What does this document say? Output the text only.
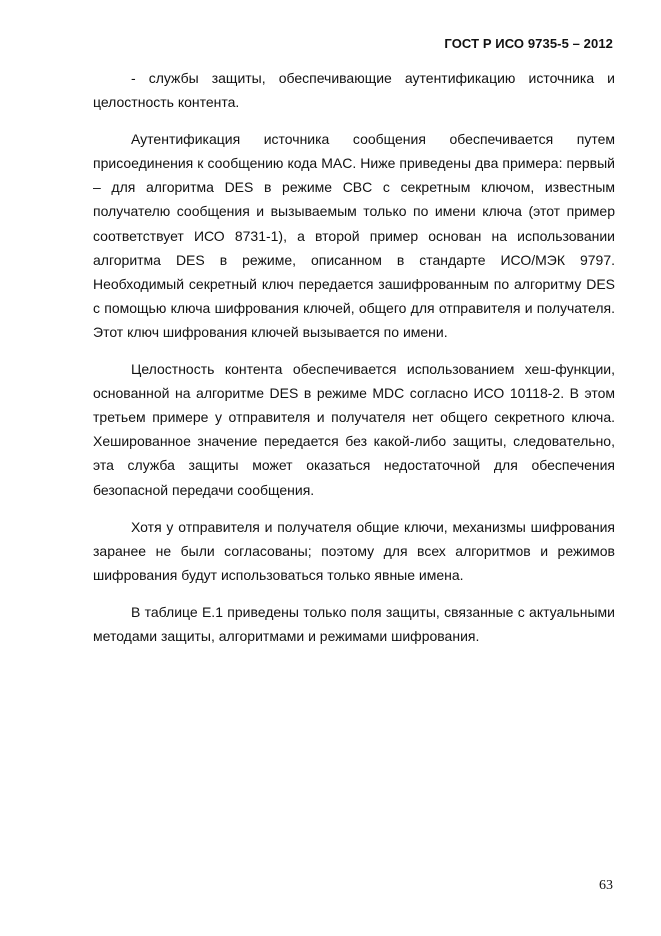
ГОСТ Р ИСО 9735-5 – 2012

- службы защиты, обеспечивающие аутентификацию источника и целостность контента.

Аутентификация источника сообщения обеспечивается путем присоединения к сообщению кода MAC. Ниже приведены два примера: первый – для алгоритма DES в режиме CBC с секретным ключом, известным получателю сообщения и вызываемым только по имени ключа (этот пример соответствует ИСО 8731-1), а второй пример основан на использовании алгоритма DES в режиме, описанном в стандарте ИСО/МЭК 9797. Необходимый секретный ключ передается зашифрованным по алгоритму DES с помощью ключа шифрования ключей, общего для отправителя и получателя. Этот ключ шифрования ключей вызывается по имени.

Целостность контента обеспечивается использованием хеш-функции, основанной на алгоритме DES в режиме MDC согласно ИСО 10118-2. В этом третьем примере у отправителя и получателя нет общего секретного ключа. Хешированное значение передается без какой-либо защиты, следовательно, эта служба защиты может оказаться недостаточной для обеспечения безопасной передачи сообщения.

Хотя у отправителя и получателя общие ключи, механизмы шифрования заранее не были согласованы; поэтому для всех алгоритмов и режимов шифрования будут использоваться только явные имена.

В таблице Е.1 приведены только поля защиты, связанные с актуальными методами защиты, алгоритмами и режимами шифрования.

63
